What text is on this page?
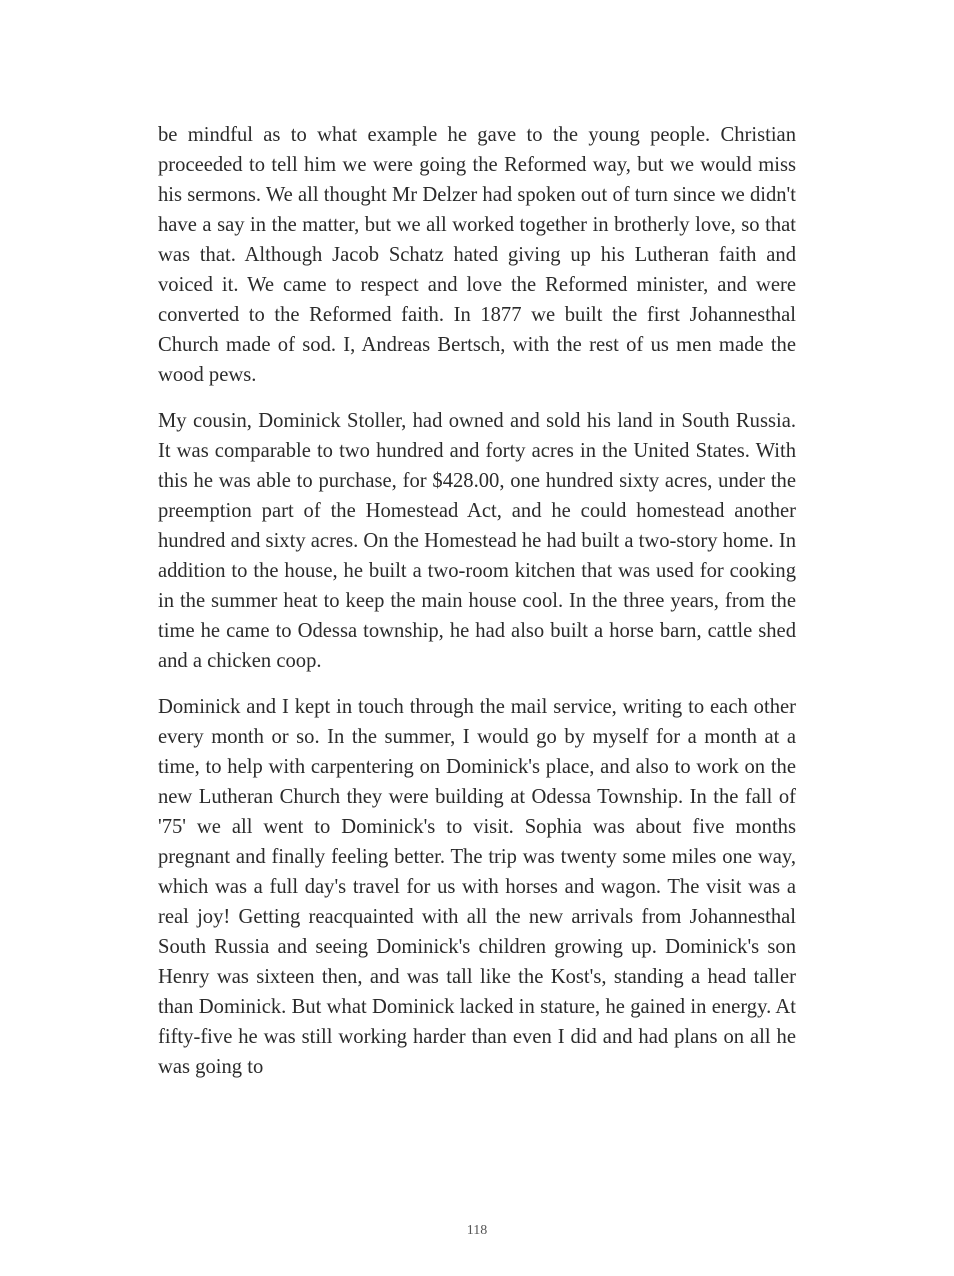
be mindful as to what example he gave to the young people. Christian proceeded to tell him we were going the Reformed way, but we would miss his sermons. We all thought Mr Delzer had spoken out of turn since we didn't have a say in the matter, but we all worked together in brotherly love, so that was that. Although Jacob Schatz hated giving up his Lutheran faith and voiced it. We came to respect and love the Reformed minister, and were converted to the Reformed faith. In 1877 we built the first Johannesthal Church made of sod. I, Andreas Bertsch, with the rest of us men made the wood pews.

My cousin, Dominick Stoller, had owned and sold his land in South Russia. It was comparable to two hundred and forty acres in the United States. With this he was able to purchase, for $428.00, one hundred sixty acres, under the preemption part of the Homestead Act, and he could homestead another hundred and sixty acres. On the Homestead he had built a two-story home. In addition to the house, he built a two-room kitchen that was used for cooking in the summer heat to keep the main house cool. In the three years, from the time he came to Odessa township, he had also built a horse barn, cattle shed and a chicken coop.

Dominick and I kept in touch through the mail service, writing to each other every month or so. In the summer, I would go by myself for a month at a time, to help with carpentering on Dominick's place, and also to work on the new Lutheran Church they were building at Odessa Township. In the fall of '75' we all went to Dominick's to visit. Sophia was about five months pregnant and finally feeling better. The trip was twenty some miles one way, which was a full day's travel for us with horses and wagon. The visit was a real joy! Getting reacquainted with all the new arrivals from Johannesthal South Russia and seeing Dominick's children growing up. Dominick's son Henry was sixteen then, and was tall like the Kost's, standing a head taller than Dominick. But what Dominick lacked in stature, he gained in energy. At fifty-five he was still working harder than even I did and had plans on all he was going to

118
